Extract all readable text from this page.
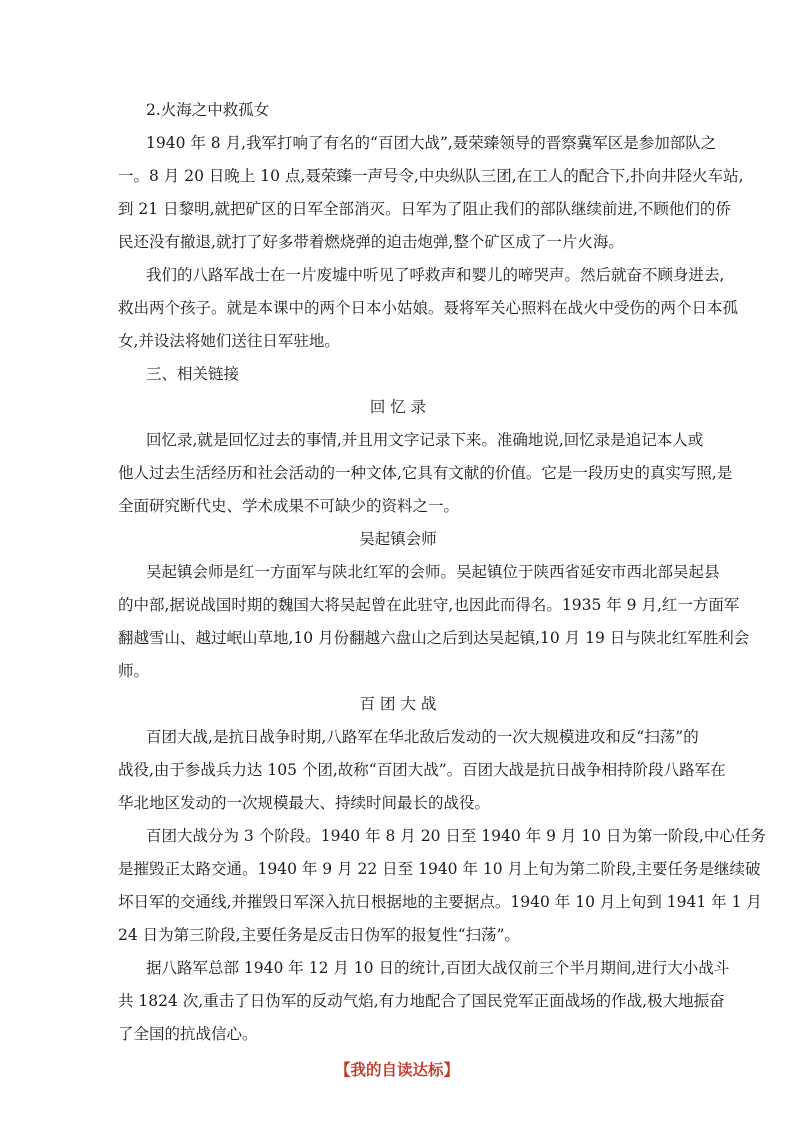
2.火海之中救孤女

1940 年 8 月,我军打响了有名的“百团大战”,聂荣臻领导的晋察冀军区是参加部队之

一。8 月 20 日晚上 10 点,聂荣臻一声号令,中央纵队三团,在工人的配合下,扑向井陉火车站,

到 21 日黎明,就把矿区的日军全部消灭。日军为了阻止我们的部队继续前进,不顾他们的侨

民还没有撤退,就打了好多带着燃烧弹的迫击炮弹,整个矿区成了一片火海。

我们的八路军战士在一片废墟中听见了呼救声和婴儿的啼哭声。然后就奋不顾身进去,

救出两个孩子。就是本课中的两个日本小姑娘。聂将军关心照料在战火中受伤的两个日本孤

女,并设法将她们送往日军驻地。

三、相关链接

回 忆 录

回忆录,就是回忆过去的事情,并且用文字记录下来。准确地说,回忆录是追记本人或

他人过去生活经历和社会活动的一种文体,它具有文献的价值。它是一段历史的真实写照,是

全面研究断代史、学术成果不可缺少的资料之一。

吴起镇会师

吴起镇会师是红一方面军与陕北红军的会师。吴起镇位于陕西省延安市西北部吴起县

的中部,据说战国时期的魏国大将吴起曾在此驻守,也因此而得名。1935 年 9 月,红一方面军

翻越雪山、越过岷山草地,10 月份翻越六盘山之后到达吴起镇,10 月 19 日与陕北红军胜利会

师。

百 团 大 战

百团大战,是抗日战争时期,八路军在华北敌后发动的一次大规模进攻和反“扫荡”的

战役,由于参战兵力达 105 个团,故称“百团大战”。百团大战是抗日战争相持阶段八路军在

华北地区发动的一次规模最大、持续时间最长的战役。

百团大战分为 3 个阶段。1940 年 8 月 20 日至 1940 年 9 月 10 日为第一阶段,中心任务

是摧毁正太路交通。1940 年 9 月 22 日至 1940 年 10 月上旬为第二阶段,主要任务是继续破

坏日军的交通线,并摧毁日军深入抗日根据地的主要据点。1940 年 10 月上旬到 1941 年 1 月

24 日为第三阶段,主要任务是反击日伪军的报复性“扫荡”。

据八路军总部 1940 年 12 月 10 日的统计,百团大战仅前三个半月期间,进行大小战斗

共 1824 次,重击了日伪军的反动气焰,有力地配合了国民党军正面战场的作战,极大地振奋

了全国的抗战信心。

【我的自读达标】
